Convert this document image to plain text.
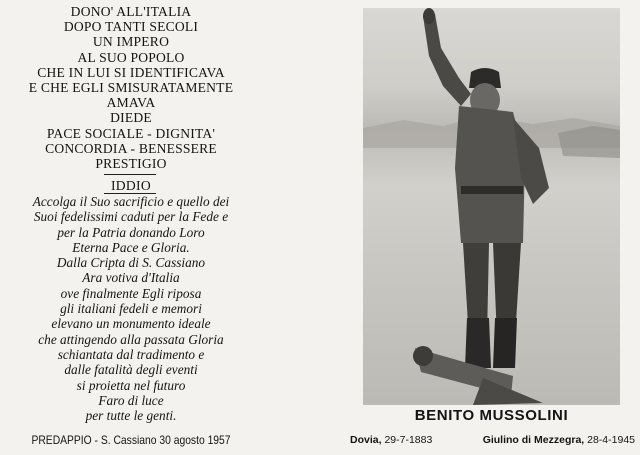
DONO' ALL'ITALIA
DOPO TANTI SECOLI
UN IMPERO
AL SUO POPOLO
CHE IN LUI SI IDENTIFICAVA
E CHE EGLI SMISURATAMENTE
AMAVA
DIEDE
PACE SOCIALE - DIGNITA'
CONCORDIA - BENESSERE
PRESTIGIO
IDDIO
Accolga il Suo sacrificio e quello dei
Suoi fedelissimi caduti per la Fede e
per la Patria donando Loro
Eterna Pace e Gloria.
Dalla Cripta di S. Cassiano
Ara votiva d'Italia
ove finalmente Egli riposa
gli italiani fedeli e memori
elevano un monumento ideale
che attingendo alla passata Gloria
schiantata dal tradimento e
dalle fatalità degli eventi
si proietta nel futuro
Faro di luce
per tutte le genti.
PREDAPPIO - S. Cassiano 30 agosto 1957
BENITO MUSSOLINI
Dovia, 29-7-1883	Giulino di Mezzegra, 28-4-1945
